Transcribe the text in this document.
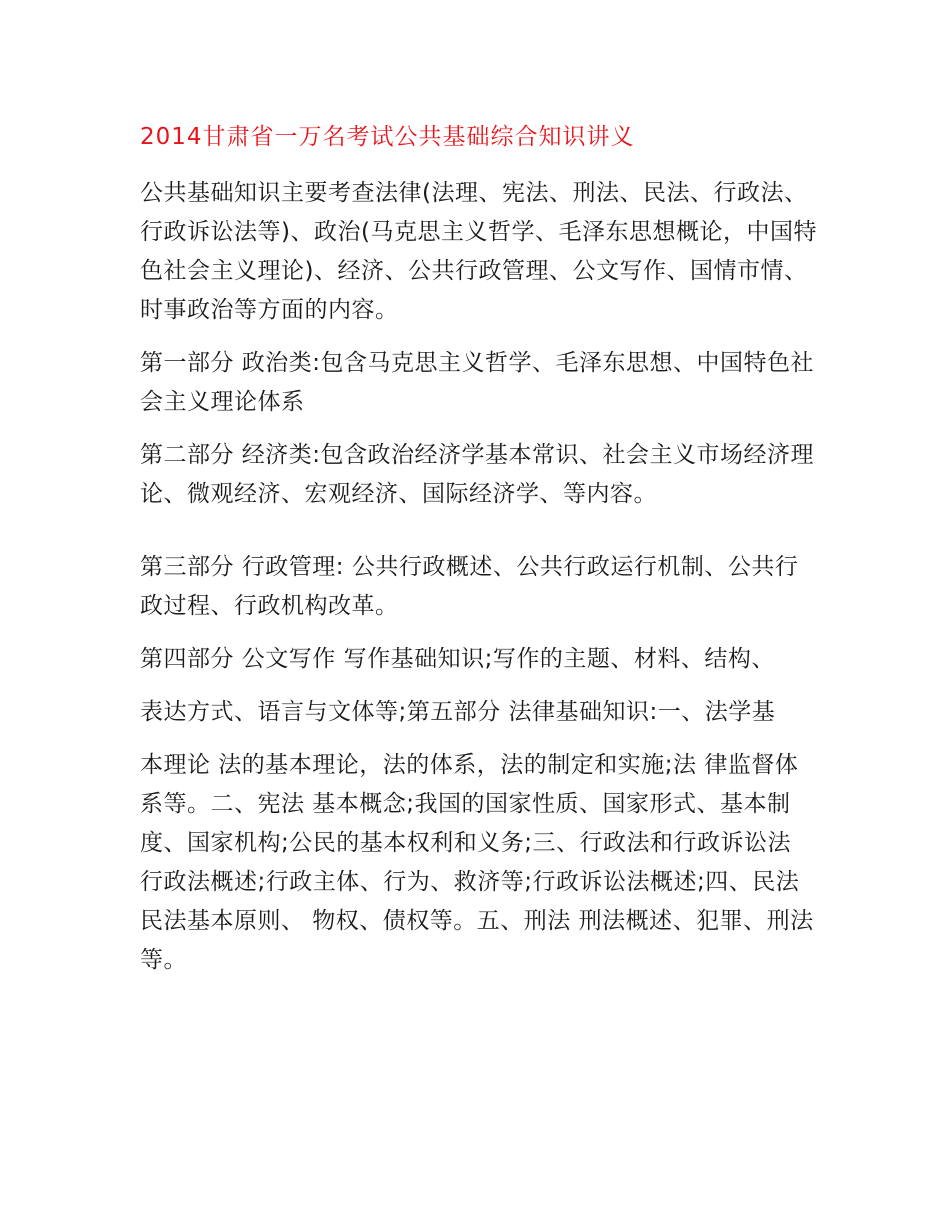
2014甘肃省一万名考试公共基础综合知识讲义

公共基础知识主要考查法律(法理、宪法、刑法、民法、行政法、行政诉讼法等)、政治(马克思主义哲学、毛泽东思想概论，中国特色社会主义理论)、经济、公共行政管理、公文写作、国情市情、时事政治等方面的内容。

第一部分 政治类:包含马克思主义哲学、毛泽东思想、中国特色社会主义理论体系

第二部分 经济类:包含政治经济学基本常识、社会主义市场经济理论、微观经济、宏观经济、国际经济学、等内容。

第三部分 行政管理: 公共行政概述、公共行政运行机制、公共行政过程、行政机构改革。

第四部分 公文写作 写作基础知识;写作的主题、材料、结构、

表达方式、语言与文体等;第五部分 法律基础知识:一、法学基

本理论 法的基本理论，法的体系，法的制定和实施;法 律监督体系等。二、宪法 基本概念;我国的国家性质、国家形式、基本制度、国家机构;公民的基本权利和义务;三、行政法和行政诉讼法 行政法概述;行政主体、行为、救济等;行政诉讼法概述;四、民法 民法基本原则、 物权、债权等。五、刑法 刑法概述、犯罪、刑法等。
